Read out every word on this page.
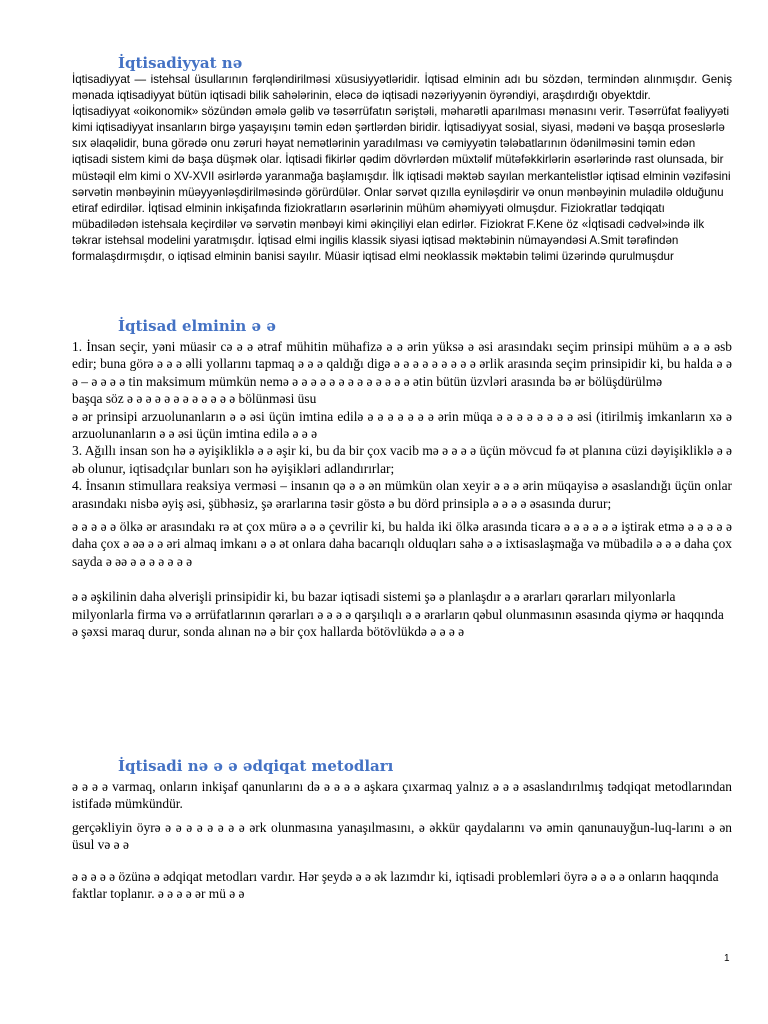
İqtisadiyyat nə

İqtisadiyyat — istehsal üsullarının fərqləndirilməsi xüsusiyyətləridir. İqtisad elminin adı bu sözdən, termindən alınmışdır. Geniş mənada iqtisadiyyat bütün iqtisadi bilik sahələrinin, eləcə də iqtisadi nəzəriyyənin öyrəndiyi, araşdırdığı obyektdir.

İqtisadiyyat «oikonomik» sözündən əmələ gəlib və təsərrüfatın səriştəli, məharətli aparılması mənasını verir. Təsərrüfat fəaliyyəti kimi iqtisadiyyat insanların birgə yaşayışını təmin edən şərtlərdən biridir. İqtisadiyyat sosial, siyasi, mədəni və başqa proseslərlə sıx əlaqəlidir, buna görədə onu zəruri həyat nemətlərinin yaradılması və cəmiyyətin tələbatlarının ödənilməsini təmin edən iqtisadi sistem kimi də başa düşmək olar. İqtisadi fikirlər qədim dövrlərdən müxtəlif mütəfəkkirlərin əsərlərində rast olunsada, bir müstəqil elm kimi o XV-XVII əsirlərdə yaranmağa başlamışdır. İlk iqtisadi məktəb sayılan merkantelistlər iqtisad elminin vəzifəsini sərvətin mənbəyinin müəyyənləşdirilməsində görürdülər. Onlar sərvət qızılla eyniləşdirir və onun mənbəyinin muladilə olduğunu etiraf edirdilər. İqtisad elminin inkişafında fiziokratların əsərlərinin mühüm əhəmiyyəti olmuşdur. Fiziokratlar tədqiqatı mübadilədən istehsala keçirdilər və sərvətin mənbəyi kimi əkinçiliyi elan edirlər. Fiziokrat F.Kene öz «İqtisadi cədvəl»ində ilk təkrar istehsal modelini yaratmışdır. İqtisad elmi ingilis klassik siyasi iqtisad məktəbinin nümayəndəsi A.Smit tərəfindən formalaşdırmışdır, o iqtisad elminin banisi sayılır. Müasir iqtisad elmi neoklassik məktəbin təlimi üzərində qurulmuşdur

İqtisad elminin ə ə

1. İnsan seçir, yəni müasir cə ə ə ətraf mühitin mühafizə ə ə ərin yüksə ə əsi arasındakı seçim prinsipi mühüm ə ə ə əsb edir; buna görə ə ə ə əlli yollarını tapmaq ə ə ə qaldığı digə ə ə ə ə ə ə ə ə ə ərlik arasında seçim prinsipidir ki, bu halda ə ə ə – ə ə ə ə tin maksimum mümkün nemə ə ə ə ə ə ə ə ə ə ə ə ə ə ətin bütün üzvləri arasında bə ər bölüşdürülmə

başqa söz ə ə ə ə ə ə ə ə ə ə ə ə bölünməsi üsu

ə ər prinsipi arzuolunanların ə ə əsi üçün imtina edilə ə ə ə ə ə ə ə ərin müqa ə ə ə ə ə ə ə ə əsi (itirilmiş imkanların xə ə arzuolunanların ə ə əsi üçün imtina edilə ə ə ə

3. Ağıllı insan son hə ə əyişikliklə ə ə əşir ki, bu da bir çox vacib mə ə ə ə ə üçün mövcud fə ət planına cüzi dəyişikliklə ə ə əb olunur, iqtisadçılar bunları son hə əyişikləri adlandırırlar;

4. İnsanın stimullara reaksiya verməsi – insanın qə ə ə ən mümkün olan xeyir ə ə ə ərin müqayisə ə əsaslandığı üçün onlar arasındakı nisbə əyiş əsi, şübhəsiz, şə ərarlarına təsir göstə ə bu dörd prinsiplə ə ə ə ə əsasında durur;

ə ə ə ə ə ölkə ər arasındakı rə ət çox mürə ə ə ə çevrilir ki, bu halda iki ölkə arasında ticarə ə ə ə ə ə ə iştirak etmə ə ə ə ə ə daha çox ə əə ə ə əri almaq imkanı ə ə ət onlara daha bacarıqlı olduqları sahə ə ə ixtisaslaşmağa və mübadilə ə ə ə daha çox sayda ə əə ə ə ə ə ə ə ə

ə ə əşkilinin daha əlverişli prinsipidir ki, bu bazar iqtisadi sistemi şə ə planlaşdır ə ə ərarları qərarları milyonlarla milyonlarla firma və ə ərrüfatlarının qərarları ə ə ə ə qarşılıqlı ə ə ərarların qəbul olunmasının əsasında qiymə ər haqqında ə şəxsi maraq durur, sonda alınan nə ə bir çox hallarda bötövlükdə ə ə ə ə

İqtisadi nə ə ə ədqiqat metodları

ə ə ə ə varmaq, onların inkişaf qanunlarını də ə ə ə ə aşkara çıxarmaq yalnız ə ə ə əsaslandırılmış tədqiqat metodlarından istifadə mümkündür.

gerçəkliyin öyrə ə ə ə ə ə ə ə ə ərk olunmasına yanaşılmasını, ə əkkür qaydalarını və əmin qanunauyğun-luq-larını ə ən üsul və ə ə

ə ə ə ə ə özünə ə ədqiqat metodları vardır. Hər şeydə ə ə ək lazımdır ki, iqtisadi problemləri öyrə ə ə ə ə onların haqqında faktlar toplanır. ə ə ə ə ər mü ə ə

1
